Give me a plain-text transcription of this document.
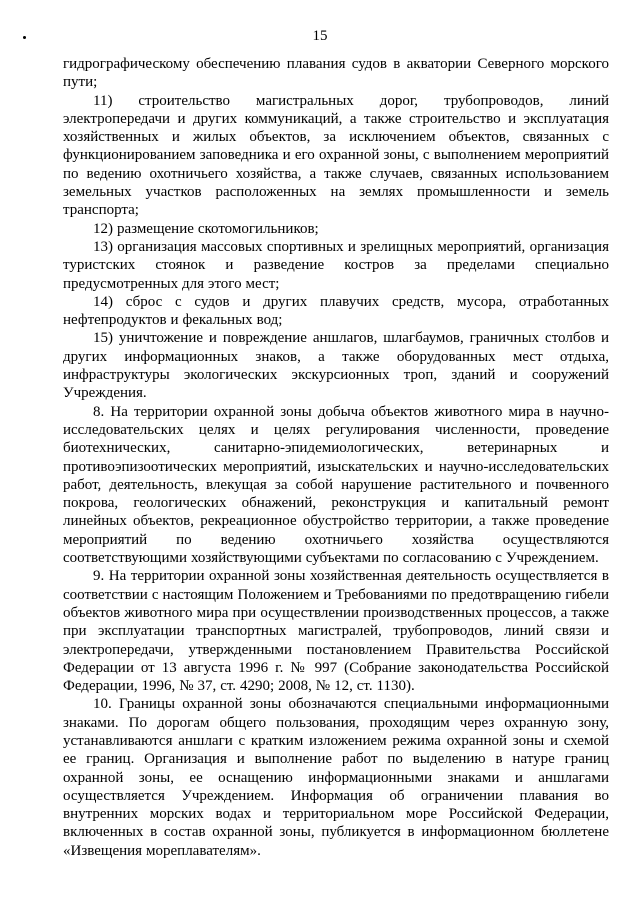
15

гидрографическому обеспечению плавания судов в акватории Северного морского пути;

11) строительство магистральных дорог, трубопроводов, линий электропередачи и других коммуникаций, а также строительство и эксплуатация хозяйственных и жилых объектов, за исключением объектов, связанных с функционированием заповедника и его охранной зоны, с выполнением мероприятий по ведению охотничьего хозяйства, а также случаев, связанных использованием земельных участков расположенных на землях промышленности и земель транспорта;

12) размещение скотомогильников;

13) организация массовых спортивных и зрелищных мероприятий, организация туристских стоянок и разведение костров за пределами специально предусмотренных для этого мест;

14) сброс с судов и других плавучих средств, мусора, отработанных нефтепродуктов и фекальных вод;

15) уничтожение и повреждение аншлагов, шлагбаумов, граничных столбов и других информационных знаков, а также оборудованных мест отдыха, инфраструктуры экологических экскурсионных троп, зданий и сооружений Учреждения.

8. На территории охранной зоны добыча объектов животного мира в научно-исследовательских целях и целях регулирования численности, проведение биотехнических, санитарно-эпидемиологических, ветеринарных и противоэпизоотических мероприятий, изыскательских и научно-исследовательских работ, деятельность, влекущая за собой нарушение растительного и почвенного покрова, геологических обнажений, реконструкция и капитальный ремонт линейных объектов, рекреационное обустройство территории, а также проведение мероприятий по ведению охотничьего хозяйства осуществляются соответствующими хозяйствующими субъектами по согласованию с Учреждением.

9. На территории охранной зоны хозяйственная деятельность осуществляется в соответствии с настоящим Положением и Требованиями по предотвращению гибели объектов животного мира при осуществлении производственных процессов, а также при эксплуатации транспортных магистралей, трубопроводов, линий связи и электропередачи, утвержденными постановлением Правительства Российской Федерации от 13 августа 1996 г. № 997 (Собрание законодательства Российской Федерации, 1996, № 37, ст. 4290; 2008, № 12, ст. 1130).

10. Границы охранной зоны обозначаются специальными информационными знаками. По дорогам общего пользования, проходящим через охранную зону, устанавливаются аншлаги с кратким изложением режима охранной зоны и схемой ее границ. Организация и выполнение работ по выделению в натуре границ охранной зоны, ее оснащению информационными знаками и аншлагами осуществляется Учреждением. Информация об ограничении плавания во внутренних морских водах и территориальном море Российской Федерации, включенных в состав охранной зоны, публикуется в информационном бюллетене «Извещения мореплавателям».
